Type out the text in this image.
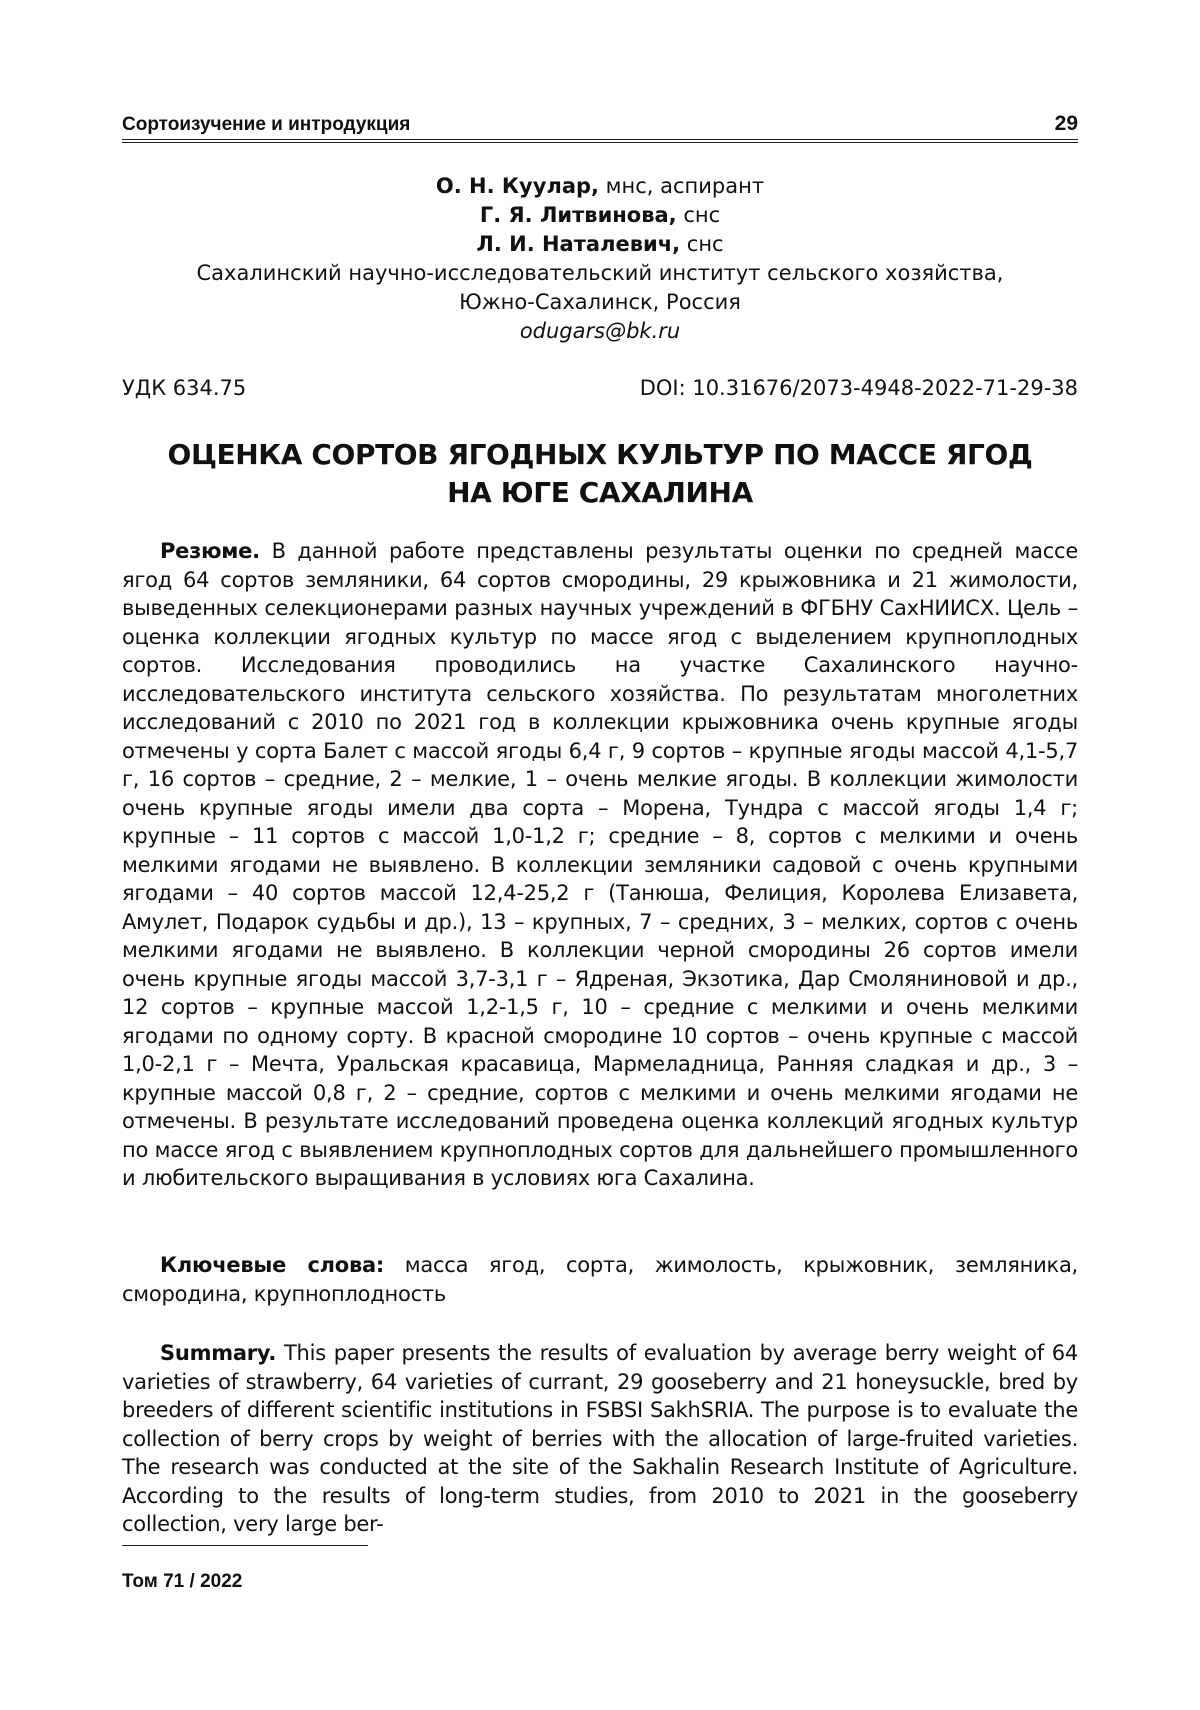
Сортоизучение и интродукция	29
О. Н. Куулар, мнс, аспирант
Г. Я. Литвинова, снс
Л. И. Наталевич, снс
Сахалинский научно-исследовательский институт сельского хозяйства,
Южно-Сахалинск, Россия
odugars@bk.ru
УДК 634.75	DOI: 10.31676/2073-4948-2022-71-29-38
ОЦЕНКА СОРТОВ ЯГОДНЫХ КУЛЬТУР ПО МАССЕ ЯГОД
НА ЮГЕ САХАЛИНА

Резюме. В данной работе представлены результаты оценки по средней массе ягод 64 сортов земляники, 64 сортов смородины, 29 крыжовника и 21 жимолости, выведенных селекционерами разных научных учреждений в ФГБНУ СахНИИСХ. Цель – оценка коллекции ягодных культур по массе ягод с выделением крупноплодных сортов. Исследования проводились на участке Сахалинского научно-исследовательского института сельского хозяйства. По результатам многолетних исследований с 2010 по 2021 год в коллекции крыжовника очень крупные ягоды отмечены у сорта Балет с массой ягоды 6,4 г, 9 сортов – крупные ягоды массой 4,1-5,7 г, 16 сортов – средние, 2 – мелкие, 1 – очень мелкие ягоды. В коллекции жимолости очень крупные ягоды имели два сорта – Морена, Тундра с массой ягоды 1,4 г; крупные – 11 сортов с массой 1,0-1,2 г; средние – 8, сортов с мелкими и очень мелкими ягодами не выявлено. В коллекции земляники садовой с очень крупными ягодами – 40 сортов массой 12,4-25,2 г (Танюша, Фелиция, Королева Елизавета, Амулет, Подарок судьбы и др.), 13 – крупных, 7 – средних, 3 – мелких, сортов с очень мелкими ягодами не выявлено. В коллекции черной смородины 26 сортов имели очень крупные ягоды массой 3,7-3,1 г – Ядреная, Экзотика, Дар Смоляниновой и др., 12 сортов – крупные массой 1,2-1,5 г, 10 – средние с мелкими и очень мелкими ягодами по одному сорту. В красной смородине 10 сортов – очень крупные с массой 1,0-2,1 г – Мечта, Уральская красавица, Мармеладница, Ранняя сладкая и др., 3 – крупные массой 0,8 г, 2 – средние, сортов с мелкими и очень мелкими ягодами не отмечены. В результате исследований проведена оценка коллекций ягодных культур по массе ягод с выявлением крупноплодных сортов для дальнейшего промышленного и любительского выращивания в условиях юга Сахалина.

Ключевые слова: масса ягод, сорта, жимолость, крыжовник, земляника, смородина, крупноплодность

Summary. This paper presents the results of evaluation by average berry weight of 64 varieties of strawberry, 64 varieties of currant, 29 gooseberry and 21 honeysuckle, bred by breeders of different scientific institutions in FSBSI SakhSRIA. The purpose is to evaluate the collection of berry crops by weight of berries with the allocation of large-fruited varieties. The research was conducted at the site of the Sakhalin Research Institute of Agriculture. According to the results of long-term studies, from 2010 to 2021 in the gooseberry collection, very large ber-

Том 71 / 2022
